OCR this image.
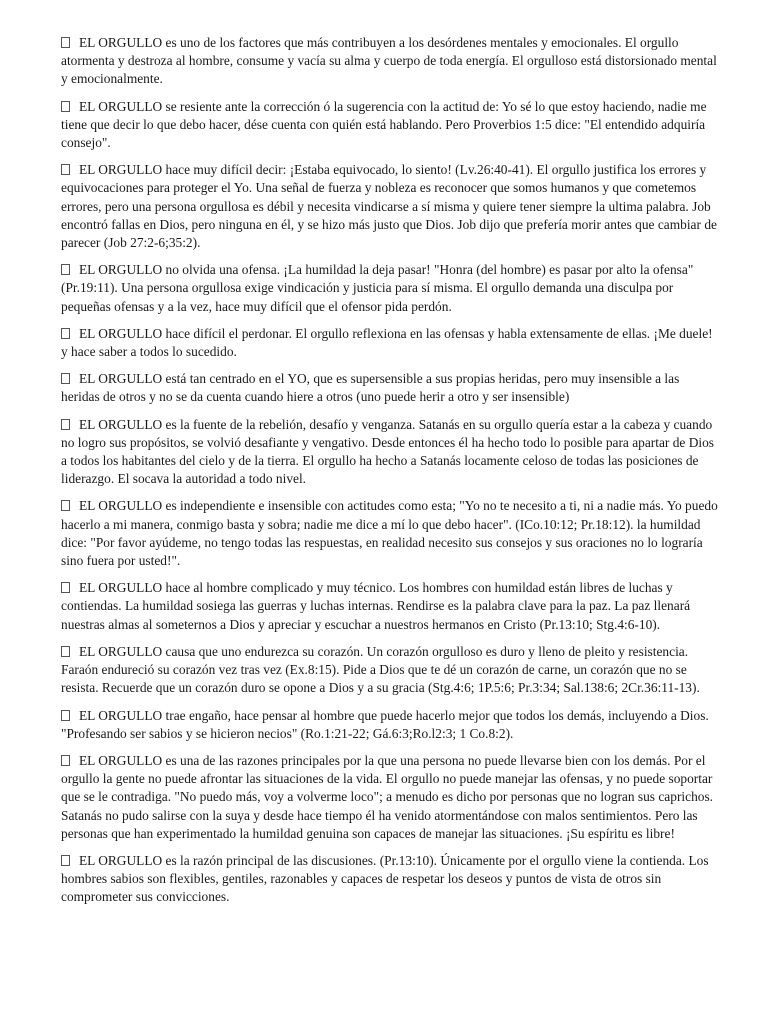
EL ORGULLO es uno de los factores que más contribuyen a los desórdenes mentales y emocionales. El orgullo atormenta y destroza al hombre, consume y vacía su alma y cuerpo de toda energía. El orgulloso está distorsionado mental y emocionalmente.

EL ORGULLO se resiente ante la corrección ó la sugerencia con la actitud de: Yo sé lo que estoy haciendo, nadie me tiene que decir lo que debo hacer, dése cuenta con quién está hablando. Pero Proverbios 1:5 dice: "El entendido adquiría consejo".

EL ORGULLO hace muy difícil decir: ¡Estaba equivocado, lo siento! (Lv.26:40-41). El orgullo justifica los errores y equivocaciones para proteger el Yo. Una señal de fuerza y nobleza es reconocer que somos humanos y que cometemos errores, pero una persona orgullosa es débil y necesita vindicarse a sí misma y quiere tener siempre la ultima palabra. Job encontró fallas en Dios, pero ninguna en él, y se hizo más justo que Dios. Job dijo que prefería morir antes que cambiar de parecer (Job 27:2-6;35:2).

EL ORGULLO no olvida una ofensa. ¡La humildad la deja pasar! "Honra (del hombre) es pasar por alto la ofensa" (Pr.19:11). Una persona orgullosa exige vindicación y justicia para sí misma. El orgullo demanda una disculpa por pequeñas ofensas y a la vez, hace muy difícil que el ofensor pida perdón.

EL ORGULLO hace difícil el perdonar. El orgullo reflexiona en las ofensas y habla extensamente de ellas. ¡Me duele! y hace saber a todos lo sucedido.

EL ORGULLO está tan centrado en el YO, que es supersensible a sus propias heridas, pero muy insensible a las heridas de otros y no se da cuenta cuando hiere a otros (uno puede herir a otro y ser insensible)

EL ORGULLO es la fuente de la rebelión, desafío y venganza. Satanás en su orgullo quería estar a la cabeza y cuando no logro sus propósitos, se volvió desafiante y vengativo. Desde entonces él ha hecho todo lo posible para apartar de Dios a todos los habitantes del cielo y de la tierra. El orgullo ha hecho a Satanás locamente celoso de todas las posiciones de liderazgo. El socava la autoridad a todo nivel.

EL ORGULLO es independiente e insensible con actitudes como esta; "Yo no te necesito a ti, ni a nadie más. Yo puedo hacerlo a mi manera, conmigo basta y sobra; nadie me dice a mí lo que debo hacer". (ICo.10:12; Pr.18:12). la humildad dice: "Por favor ayúdeme, no tengo todas las respuestas, en realidad necesito sus consejos y sus oraciones no lo lograría sino fuera por usted!".

EL ORGULLO hace al hombre complicado y muy técnico. Los hombres con humildad están libres de luchas y contiendas. La humildad sosiega las guerras y luchas internas. Rendirse es la palabra clave para la paz. La paz llenará nuestras almas al someternos a Dios y apreciar y escuchar a nuestros hermanos en Cristo (Pr.13:10; Stg.4:6-10).

EL ORGULLO causa que uno endurezca su corazón. Un corazón orgulloso es duro y lleno de pleito y resistencia. Faraón endureció su corazón vez tras vez (Ex.8:15). Pide a Dios que te dé un corazón de carne, un corazón que no se resista. Recuerde que un corazón duro se opone a Dios y a su gracia (Stg.4:6; 1P.5:6; Pr.3:34; Sal.138:6; 2Cr.36:11-13).

EL ORGULLO trae engaño, hace pensar al hombre que puede hacerlo mejor que todos los demás, incluyendo a Dios. "Profesando ser sabios y se hicieron necios" (Ro.1:21-22; Gá.6:3;Ro.l2:3; 1 Co.8:2).

EL ORGULLO es una de las razones principales por la que una persona no puede llevarse bien con los demás. Por el orgullo la gente no puede afrontar las situaciones de la vida. El orgullo no puede manejar las ofensas, y no puede soportar que se le contradiga. "No puedo más, voy a volverme loco"; a menudo es dicho por personas que no logran sus caprichos. Satanás no pudo salirse con la suya y desde hace tiempo él ha venido atormentándose con malos sentimientos. Pero las personas que han experimentado la humildad genuina son capaces de manejar las situaciones. ¡Su espíritu es libre!

EL ORGULLO es la razón principal de las discusiones. (Pr.13:10). Únicamente por el orgullo viene la contienda. Los hombres sabios son flexibles, gentiles, razonables y capaces de respetar los deseos y puntos de vista de otros sin comprometer sus convicciones.
